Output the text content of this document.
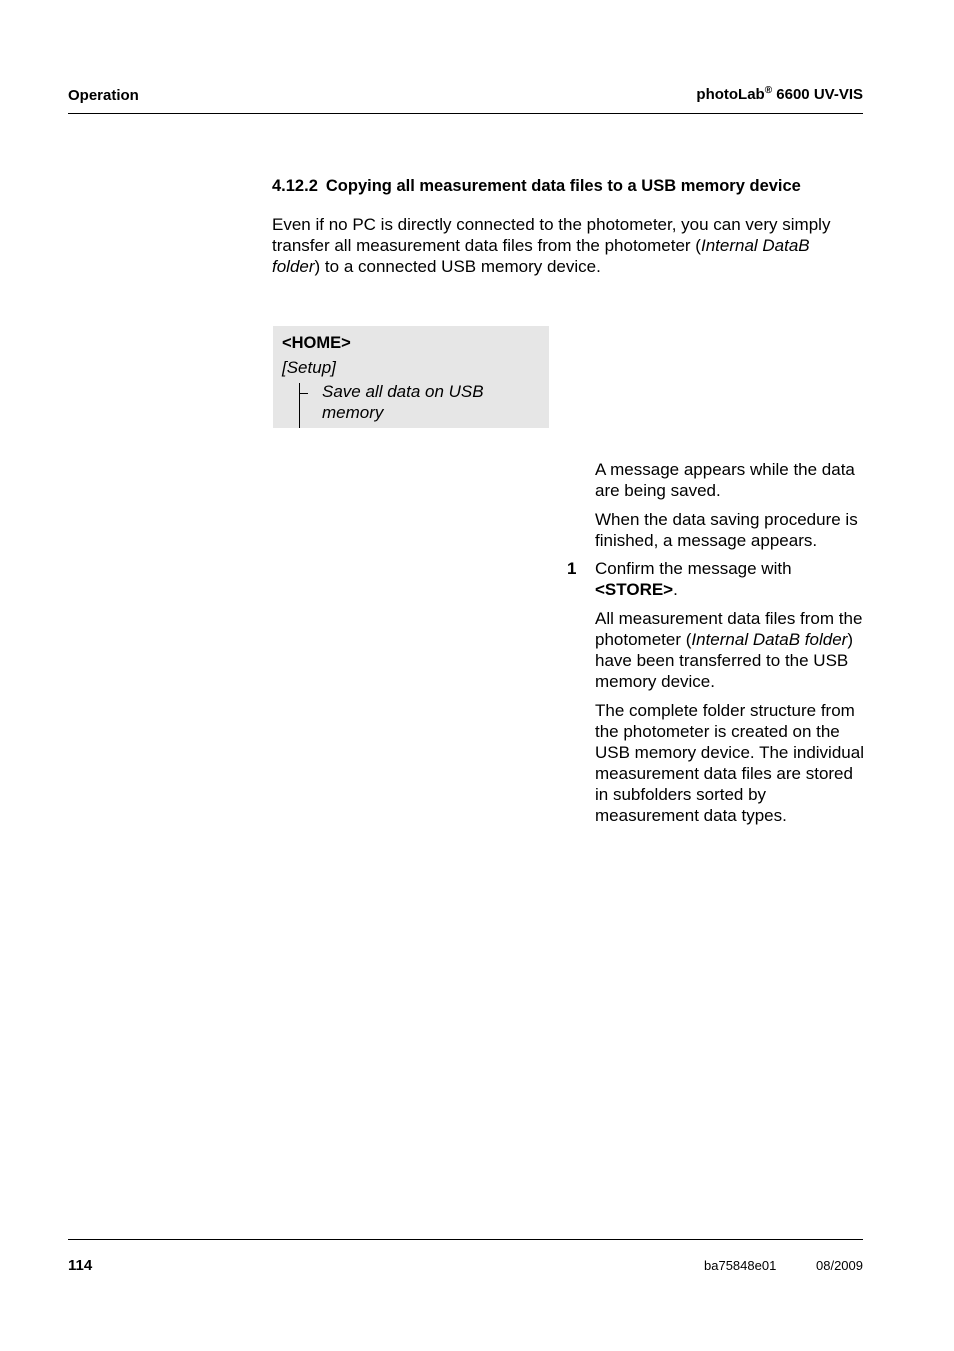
Operation	photoLab® 6600 UV-VIS
4.12.2 Copying all measurement data files to a USB memory device
Even if no PC is directly connected to the photometer, you can very simply transfer all measurement data files from the photometer (Internal DataB folder) to a connected USB memory device.
<HOME>
[Setup]
Save all data on USB memory
A message appears while the data are being saved.
When the data saving procedure is finished, a message appears.
1 Confirm the message with
<STORE>.
All measurement data files from the photometer (Internal DataB folder) have been transferred to the USB memory device.
The complete folder structure from the photometer is created on the USB memory device. The individual measurement data files are stored in subfolders sorted by measurement data types.
114	ba75848e01	08/2009
